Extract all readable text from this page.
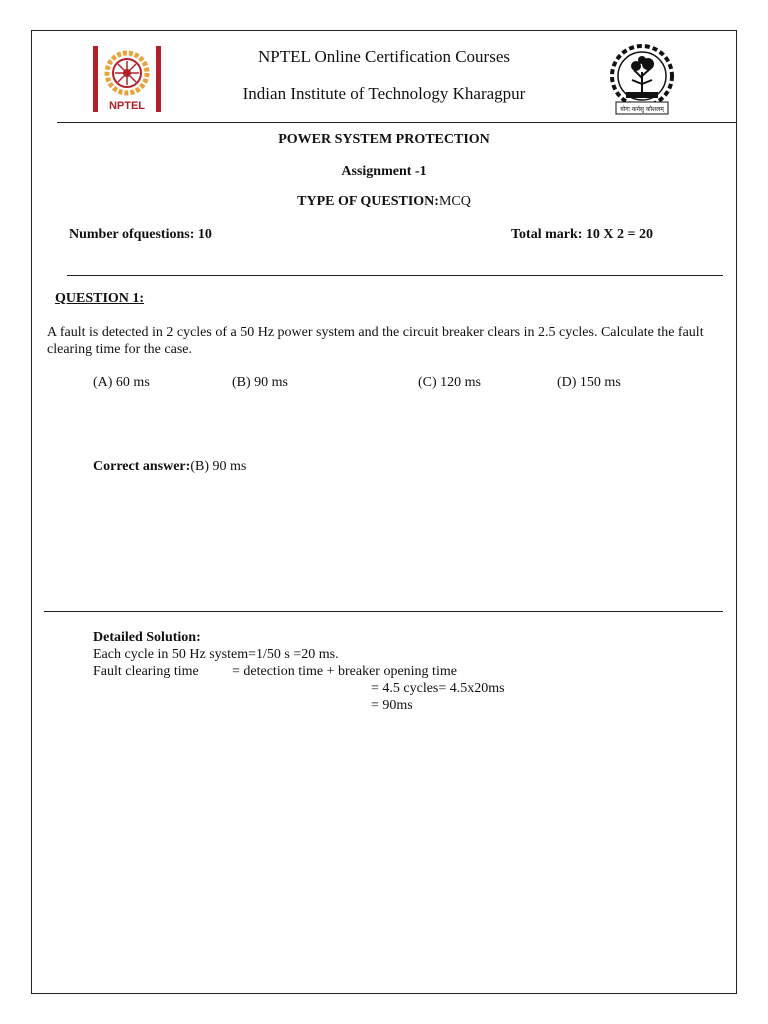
NPTEL	योगः कर्मसु कौशलम्
NPTEL Online Certification Courses
Indian Institute of Technology Kharagpur
POWER SYSTEM PROTECTION
Assignment -1
TYPE OF QUESTION:MCQ
Number ofquestions: 10	Total mark: 10 X 2 = 20
QUESTION 1:
A fault is detected in 2 cycles of a 50 Hz power system and the circuit breaker clears in 2.5 cycles. Calculate the fault clearing time for the case.
(A) 60 ms	(B) 90 ms	(C) 120 ms	(D) 150 ms
Correct answer:(B) 90 ms
Detailed Solution:
Each cycle in 50 Hz system=1/50 s =20 ms.
Fault clearing time = detection time + breaker opening time
= 4.5 cycles= 4.5x20ms
= 90ms
